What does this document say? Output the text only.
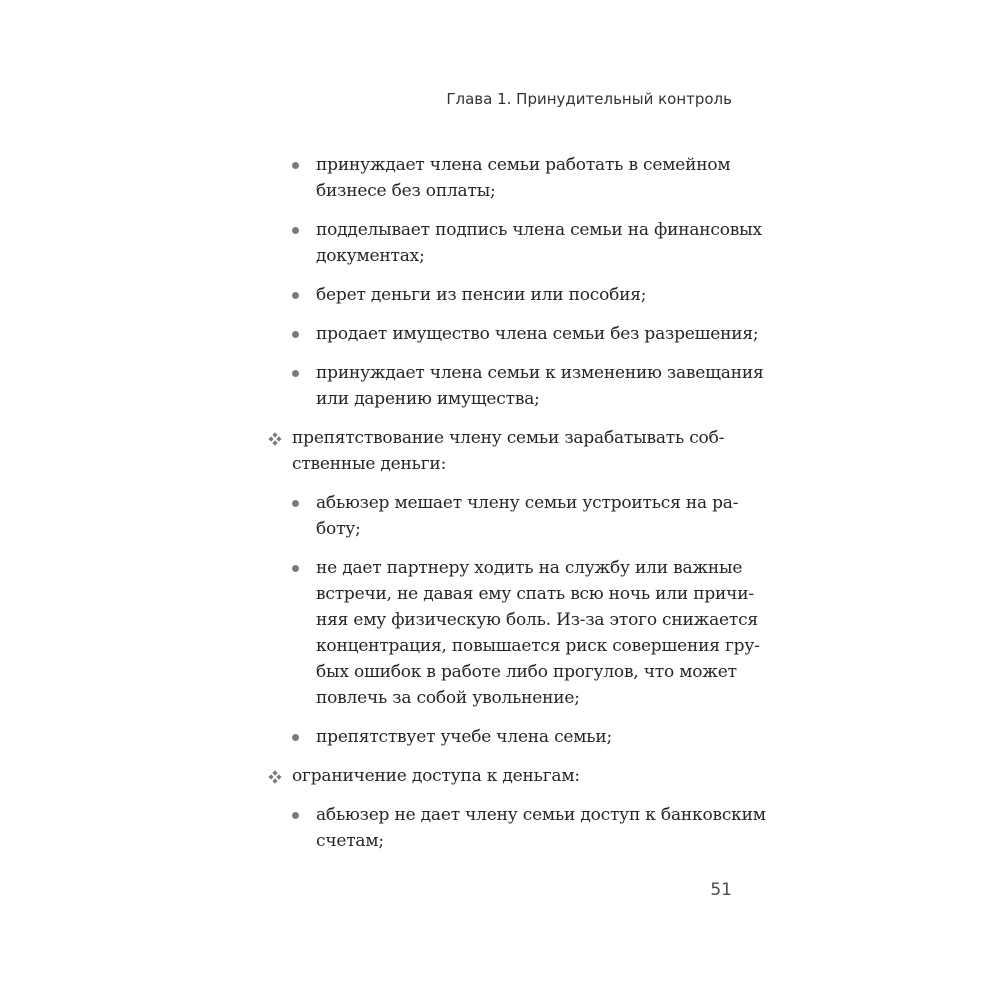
Глава 1. Принудительный контроль
принуждает члена семьи работать в семейном
бизнесе без оплаты;
подделывает подпись члена семьи на финансовых
документах;
берет деньги из пенсии или пособия;
продает имущество члена семьи без разрешения;
принуждает члена семьи к изменению завещания
или дарению имущества;
препятствование члену семьи зарабатывать соб-
ственные деньги:
абьюзер мешает члену семьи устроиться на ра-
боту;
не дает партнеру ходить на службу или важные
встречи, не давая ему спать всю ночь или причи-
няя ему физическую боль. Из-за этого снижается
концентрация, повышается риск совершения гру-
бых ошибок в работе либо прогулов, что может
повлечь за собой увольнение;
препятствует учебе члена семьи;
ограничение доступа к деньгам:
абьюзер не дает члену семьи доступ к банковским
счетам;
51
